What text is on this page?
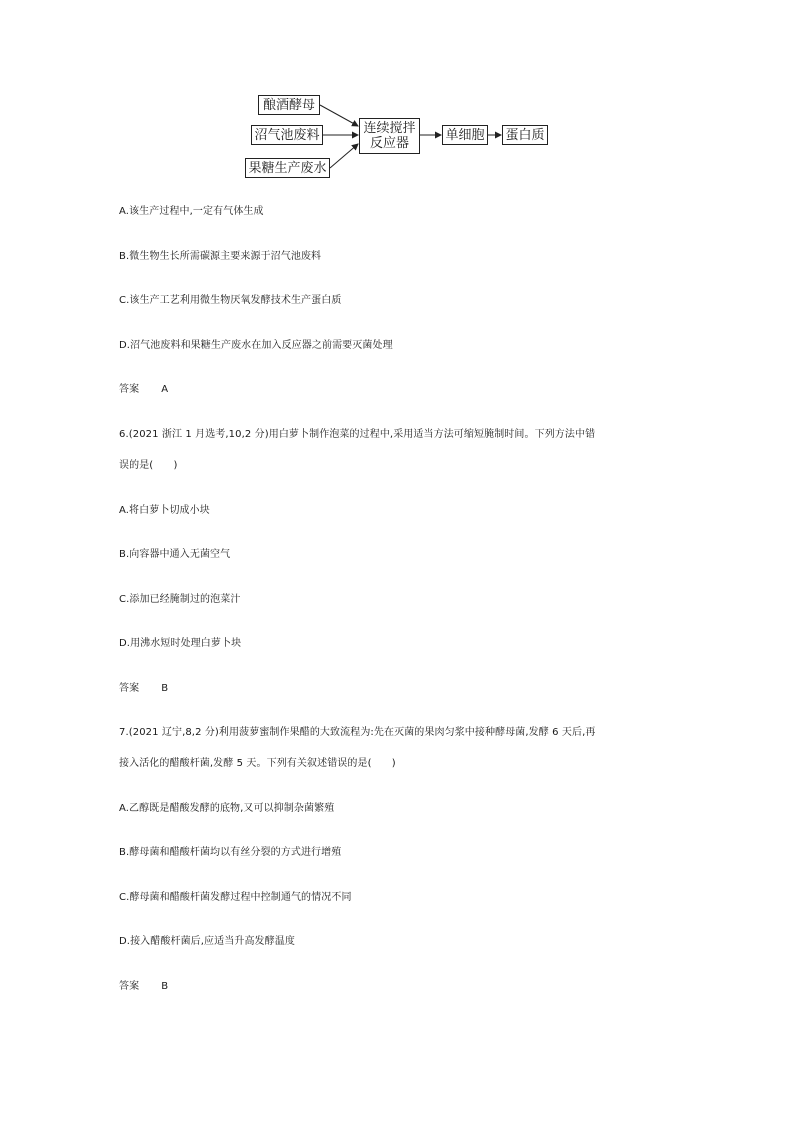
酿酒酵母
沼气池废料
果糖生产废水
连续搅拌
反应器
单细胞 蛋白质
A.该生产过程中,一定有气体生成
B.微生物生长所需碳源主要来源于沼气池废料
C.该生产工艺利用微生物厌氧发酵技术生产蛋白质
D.沼气池废料和果糖生产废水在加入反应器之前需要灭菌处理
答案 A
6.(2021 浙江 1 月选考,10,2 分)用白萝卜制作泡菜的过程中,采用适当方法可缩短腌制时间。下列方法中错
误的是(　　)
A.将白萝卜切成小块
B.向容器中通入无菌空气
C.添加已经腌制过的泡菜汁
D.用沸水短时处理白萝卜块
答案 B
7.(2021 辽宁,8,2 分)利用菠萝蜜制作果醋的大致流程为:先在灭菌的果肉匀浆中接种酵母菌,发酵 6 天后,再
接入活化的醋酸杆菌,发酵 5 天。下列有关叙述错误的是(　　)
A.乙醇既是醋酸发酵的底物,又可以抑制杂菌繁殖
B.酵母菌和醋酸杆菌均以有丝分裂的方式进行增殖
C.酵母菌和醋酸杆菌发酵过程中控制通气的情况不同
D.接入醋酸杆菌后,应适当升高发酵温度
答案 B
